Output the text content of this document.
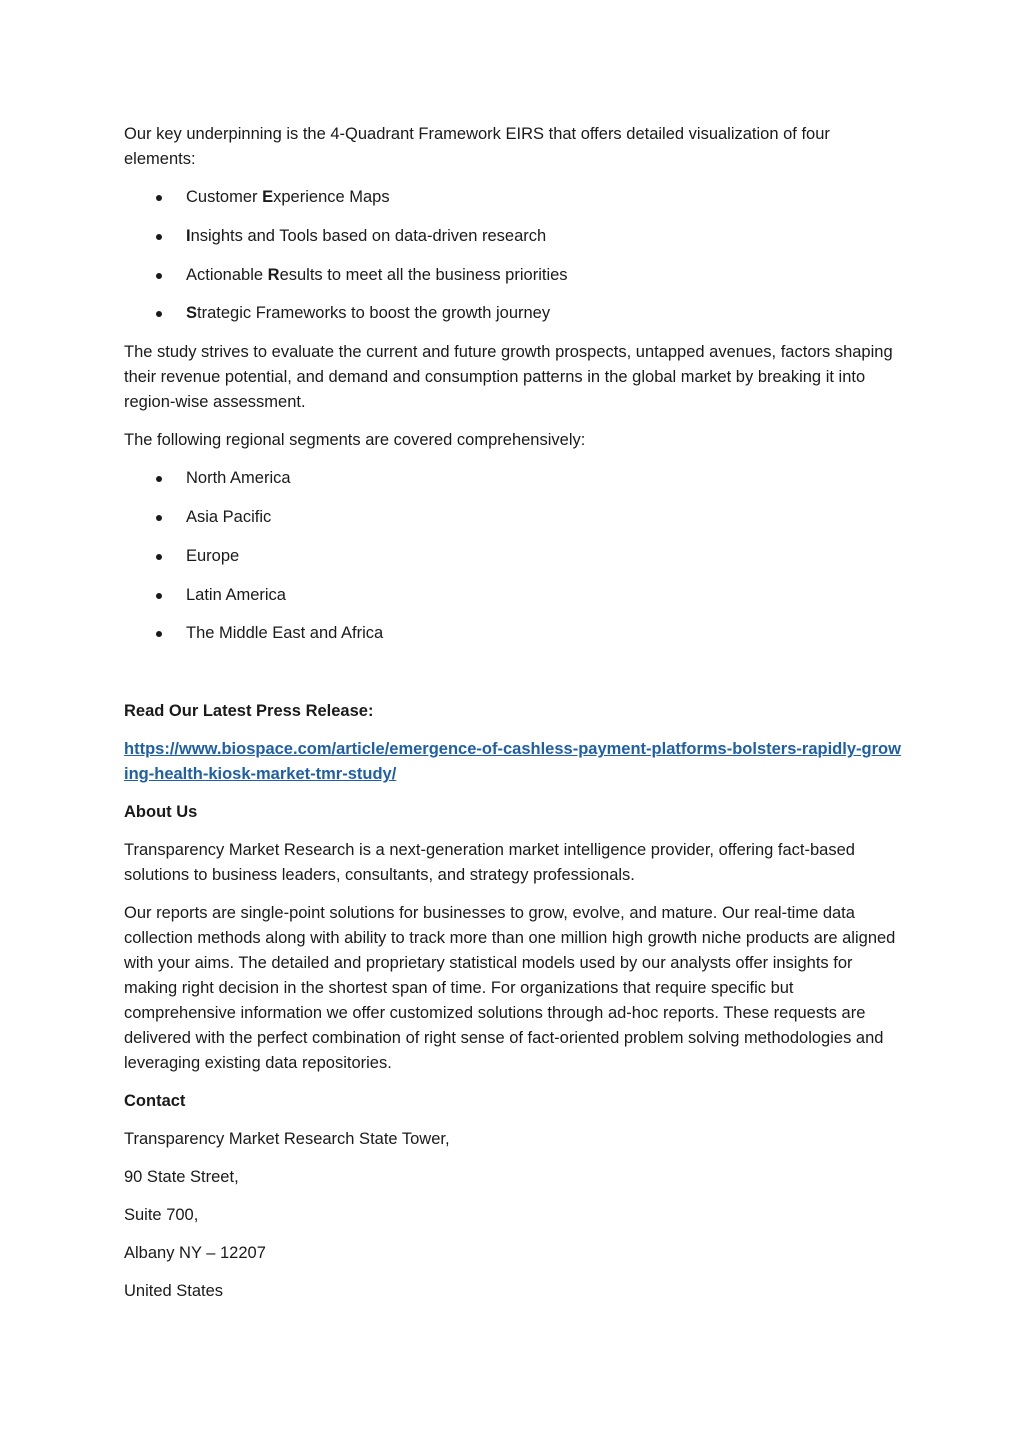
Our key underpinning is the 4-Quadrant Framework EIRS that offers detailed visualization of four elements:

Customer Experience Maps
Insights and Tools based on data-driven research
Actionable Results to meet all the business priorities
Strategic Frameworks to boost the growth journey

The study strives to evaluate the current and future growth prospects, untapped avenues, factors shaping their revenue potential, and demand and consumption patterns in the global market by breaking it into region-wise assessment.

The following regional segments are covered comprehensively:

North America
Asia Pacific
Europe
Latin America
The Middle East and Africa

Read Our Latest Press Release:

https://www.biospace.com/article/emergence-of-cashless-payment-platforms-bolsters-rapidly-growing-health-kiosk-market-tmr-study/

About Us

Transparency Market Research is a next-generation market intelligence provider, offering fact-based solutions to business leaders, consultants, and strategy professionals.

Our reports are single-point solutions for businesses to grow, evolve, and mature. Our real-time data collection methods along with ability to track more than one million high growth niche products are aligned with your aims. The detailed and proprietary statistical models used by our analysts offer insights for making right decision in the shortest span of time. For organizations that require specific but comprehensive information we offer customized solutions through ad-hoc reports. These requests are delivered with the perfect combination of right sense of fact-oriented problem solving methodologies and leveraging existing data repositories.

Contact

Transparency Market Research State Tower,

90 State Street,

Suite 700,

Albany NY – 12207

United States
